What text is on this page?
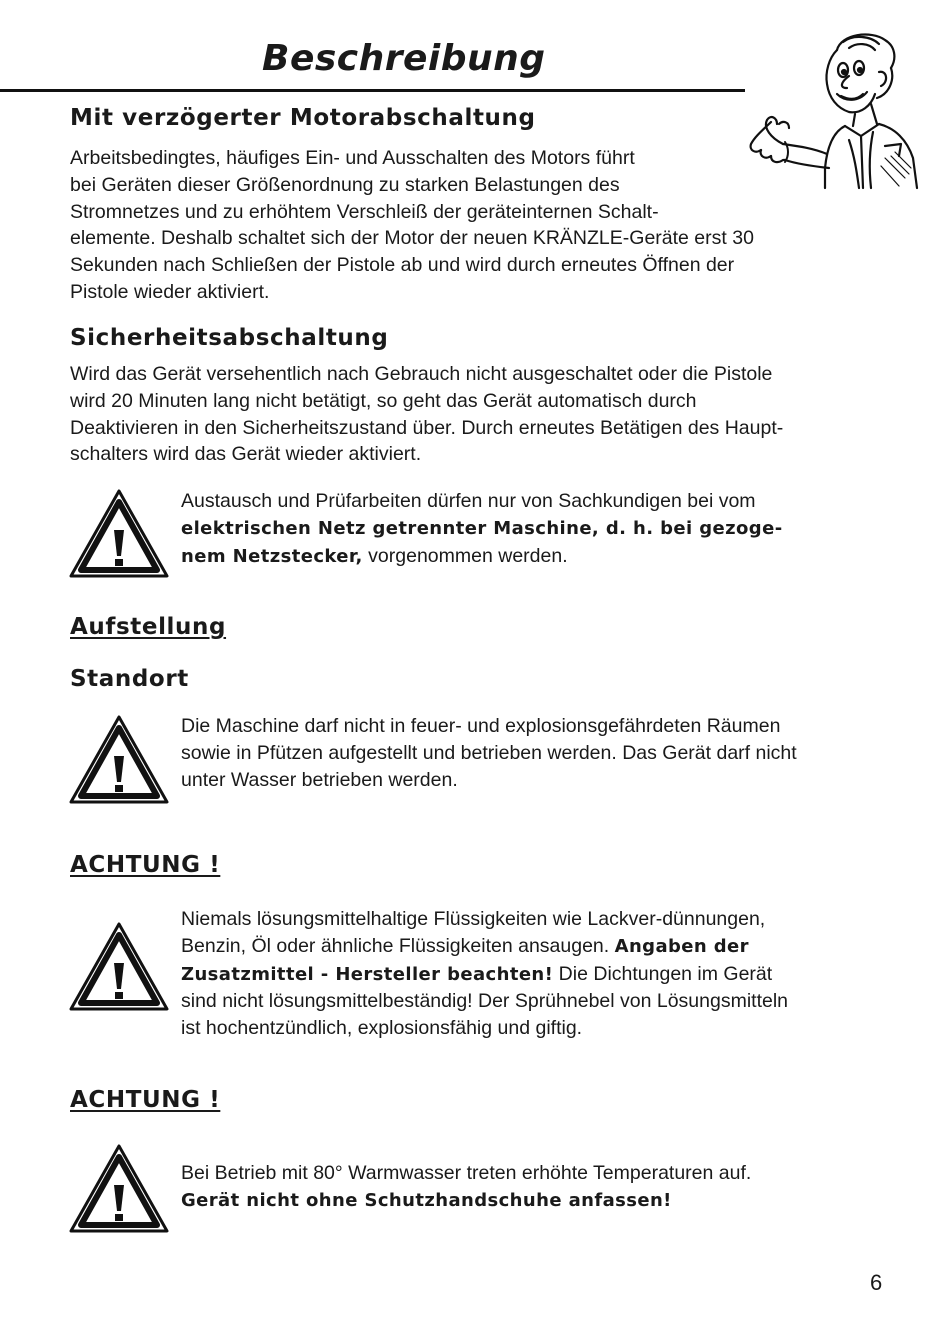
Beschreibung
Mit verzögerter Motorabschaltung
Arbeitsbedingtes, häufiges Ein- und Ausschalten des Motors führt
bei Geräten dieser Größenordnung zu starken Belastungen des
Stromnetzes und zu erhöhtem Verschleiß der geräteinternen Schalt-
elemente. Deshalb schaltet sich der Motor der neuen KRÄNZLE-Geräte erst 30
Sekunden nach Schließen der Pistole ab und wird durch erneutes Öffnen der
Pistole wieder aktiviert.
Sicherheitsabschaltung
Wird das Gerät versehentlich nach Gebrauch nicht ausgeschaltet oder die Pistole
wird 20 Minuten lang nicht betätigt, so geht das Gerät automatisch durch
Deaktivieren in den Sicherheitszustand über. Durch erneutes Betätigen des Haupt-
schalters wird das Gerät wieder aktiviert.
Austausch und Prüfarbeiten dürfen nur von Sachkundigen bei vom
elektrischen Netz getrennter Maschine, d. h. bei gezoge-
nem Netzstecker, vorgenommen werden.
Aufstellung
Standort
Die Maschine darf nicht in feuer- und explosionsgefährdeten Räumen
sowie in Pfützen aufgestellt und betrieben werden. Das Gerät darf nicht
unter Wasser betrieben werden.
ACHTUNG !
Niemals lösungsmittelhaltige Flüssigkeiten wie Lackver-dünnungen,
Benzin, Öl oder ähnliche Flüssigkeiten ansaugen. Angaben der
Zusatzmittel - Hersteller beachten! Die Dichtungen im Gerät
sind nicht lösungsmittelbeständig! Der Sprühnebel von Lösungsmitteln
ist hochentzündlich, explosionsfähig und giftig.
ACHTUNG !
Bei Betrieb mit 80° Warmwasser treten erhöhte Temperaturen auf.
Gerät nicht ohne Schutzhandschuhe anfassen!
6
